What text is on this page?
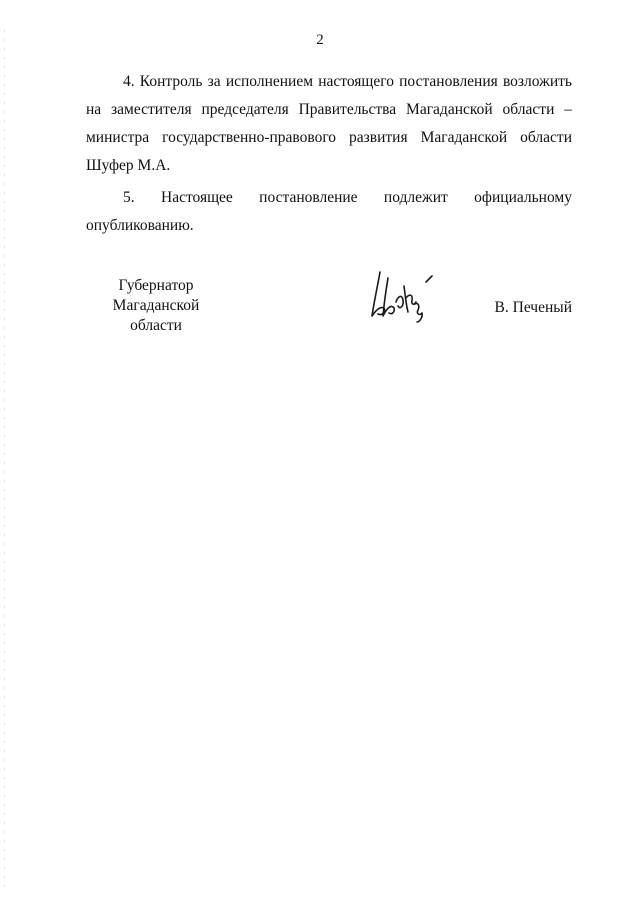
2

4. Контроль за исполнением настоящего постановления возложить
на заместителя председателя Правительства Магаданской области –
министра государственно-правового развития Магаданской области
Шуфер М.А.

5. Настоящее постановление подлежит официальному
опубликованию.

Губернатор
Магаданской области
В. Печеный
